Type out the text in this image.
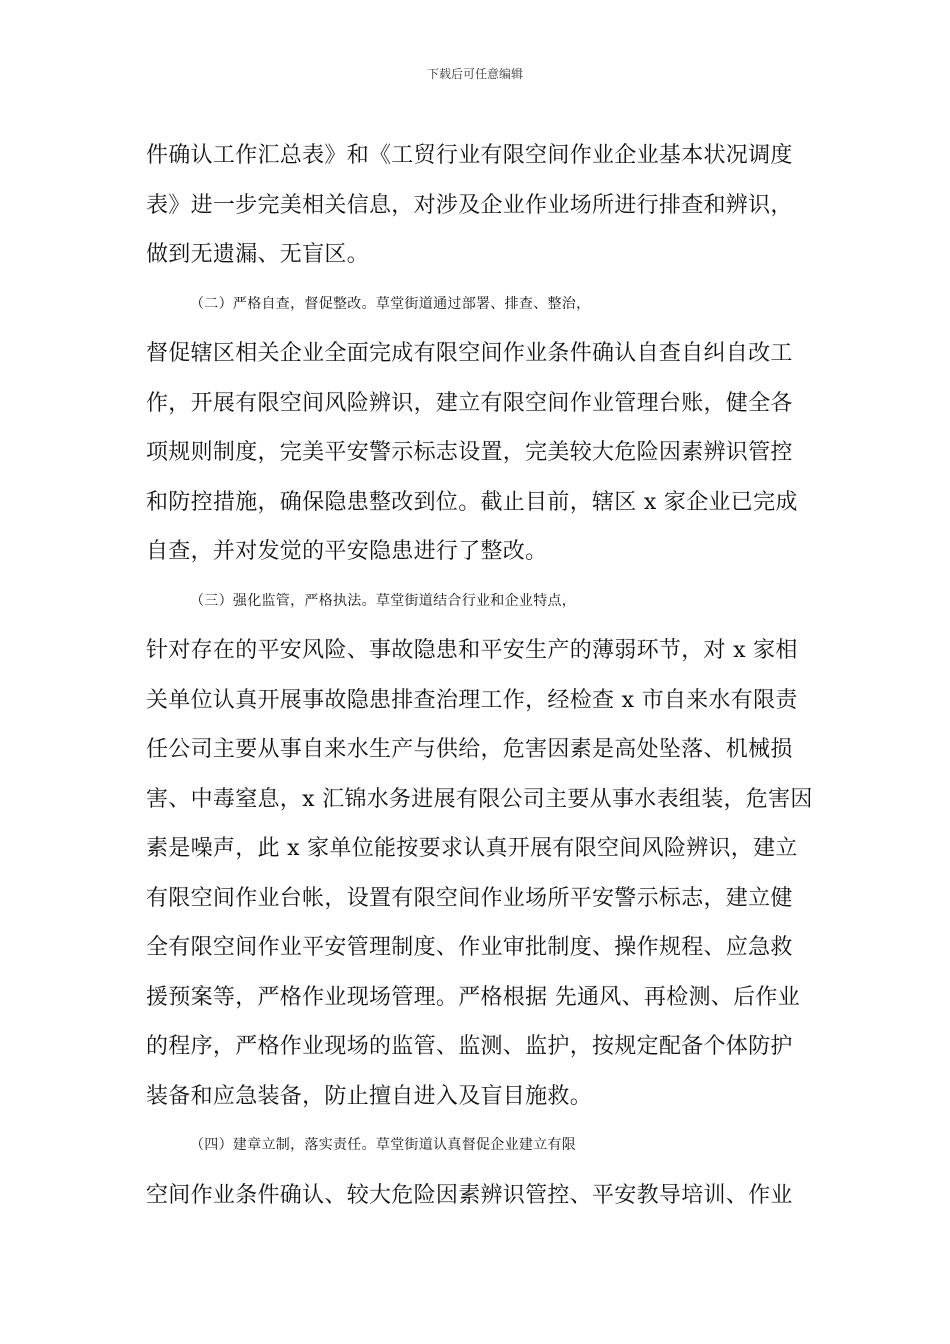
下载后可任意编辑
件确认工作汇总表》和《工贸行业有限空间作业企业基本状况调度
表》进一步完美相关信息，对涉及企业作业场所进行排查和辨识，
做到无遗漏、无盲区。
（二）严格自查，督促整改。草堂街道通过部署、排查、整治，
督促辖区相关企业全面完成有限空间作业条件确认自查自纠自改工
作，开展有限空间风险辨识，建立有限空间作业管理台账，健全各
项规则制度，完美平安警示标志设置，完美较大危险因素辨识管控
和防控措施，确保隐患整改到位。截止目前，辖区 x 家企业已完成
自查，并对发觉的平安隐患进行了整改。
（三）强化监管，严格执法。草堂街道结合行业和企业特点，
针对存在的平安风险、事故隐患和平安生产的薄弱环节，对 x 家相
关单位认真开展事故隐患排查治理工作，经检查 x 市自来水有限责
任公司主要从事自来水生产与供给，危害因素是高处坠落、机械损
害、中毒窒息，x 汇锦水务进展有限公司主要从事水表组装，危害因
素是噪声，此 x 家单位能按要求认真开展有限空间风险辨识，建立
有限空间作业台帐，设置有限空间作业场所平安警示标志，建立健
全有限空间作业平安管理制度、作业审批制度、操作规程、应急救
援预案等，严格作业现场管理。严格根据 先通风、再检测、后作业
的程序，严格作业现场的监管、监测、监护，按规定配备个体防护
装备和应急装备，防止擅自进入及盲目施救。
（四）建章立制，落实责任。草堂街道认真督促企业建立有限
空间作业条件确认、较大危险因素辨识管控、平安教导培训、作业
